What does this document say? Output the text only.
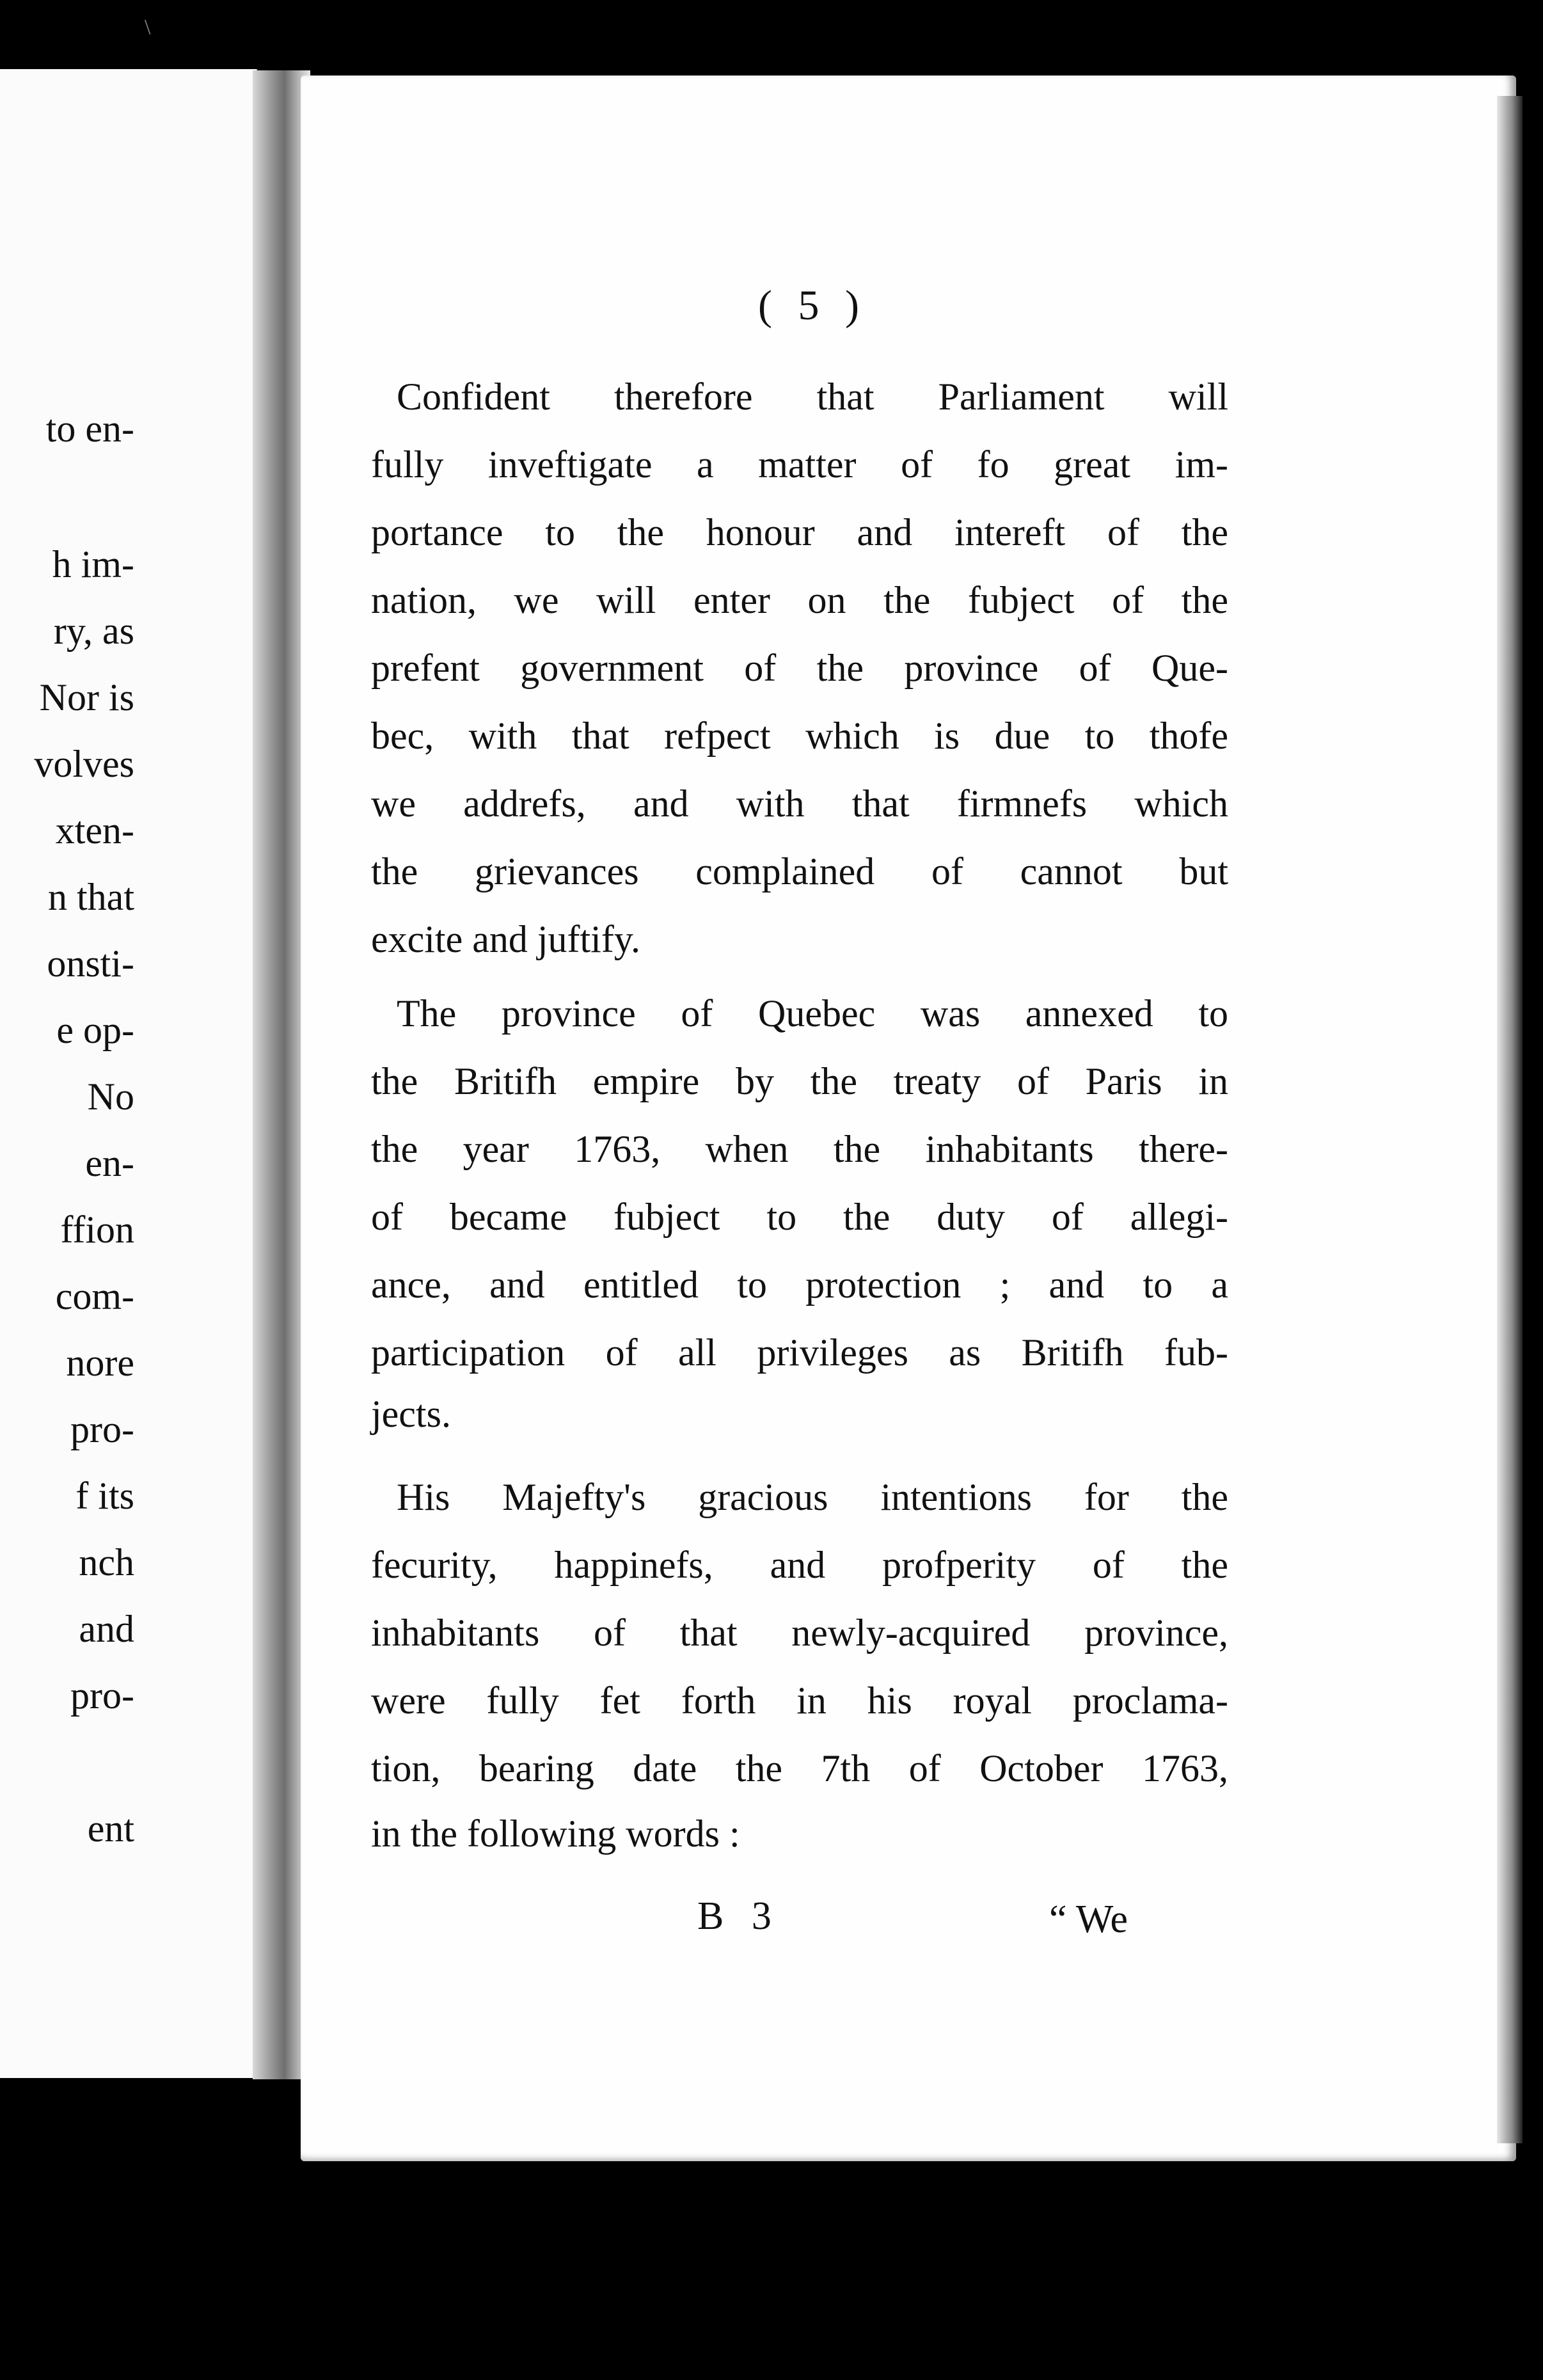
\
to en-
h im-
ry, as
Nor is
volves
xten-
n that
onsti-
e op-
No
en-
ffion
com-
nore
pro-
f its
nch
and
pro-
ent
( 5 )
Confident therefore that Parliament will
fully inveftigate a matter of fo great im-
portance to the honour and intereft of the
nation, we will enter on the fubject of the
prefent government of the province of Que-
bec, with that refpect which is due to thofe
we addrefs, and with that firmnefs which
the grievances complained of cannot but
excite and juftify.
The province of Quebec was annexed to
the Britifh empire by the treaty of Paris in
the year 1763, when the inhabitants there-
of became fubject to the duty of allegi-
ance, and entitled to protection ; and to a
participation of all privileges as Britifh fub-
jects.
His Majefty's gracious intentions for the
fecurity, happinefs, and profperity of the
inhabitants of that newly-acquired province,
were fully fet forth in his royal proclama-
tion, bearing date the 7th of October 1763,
in the following words :
B 3	“ We
